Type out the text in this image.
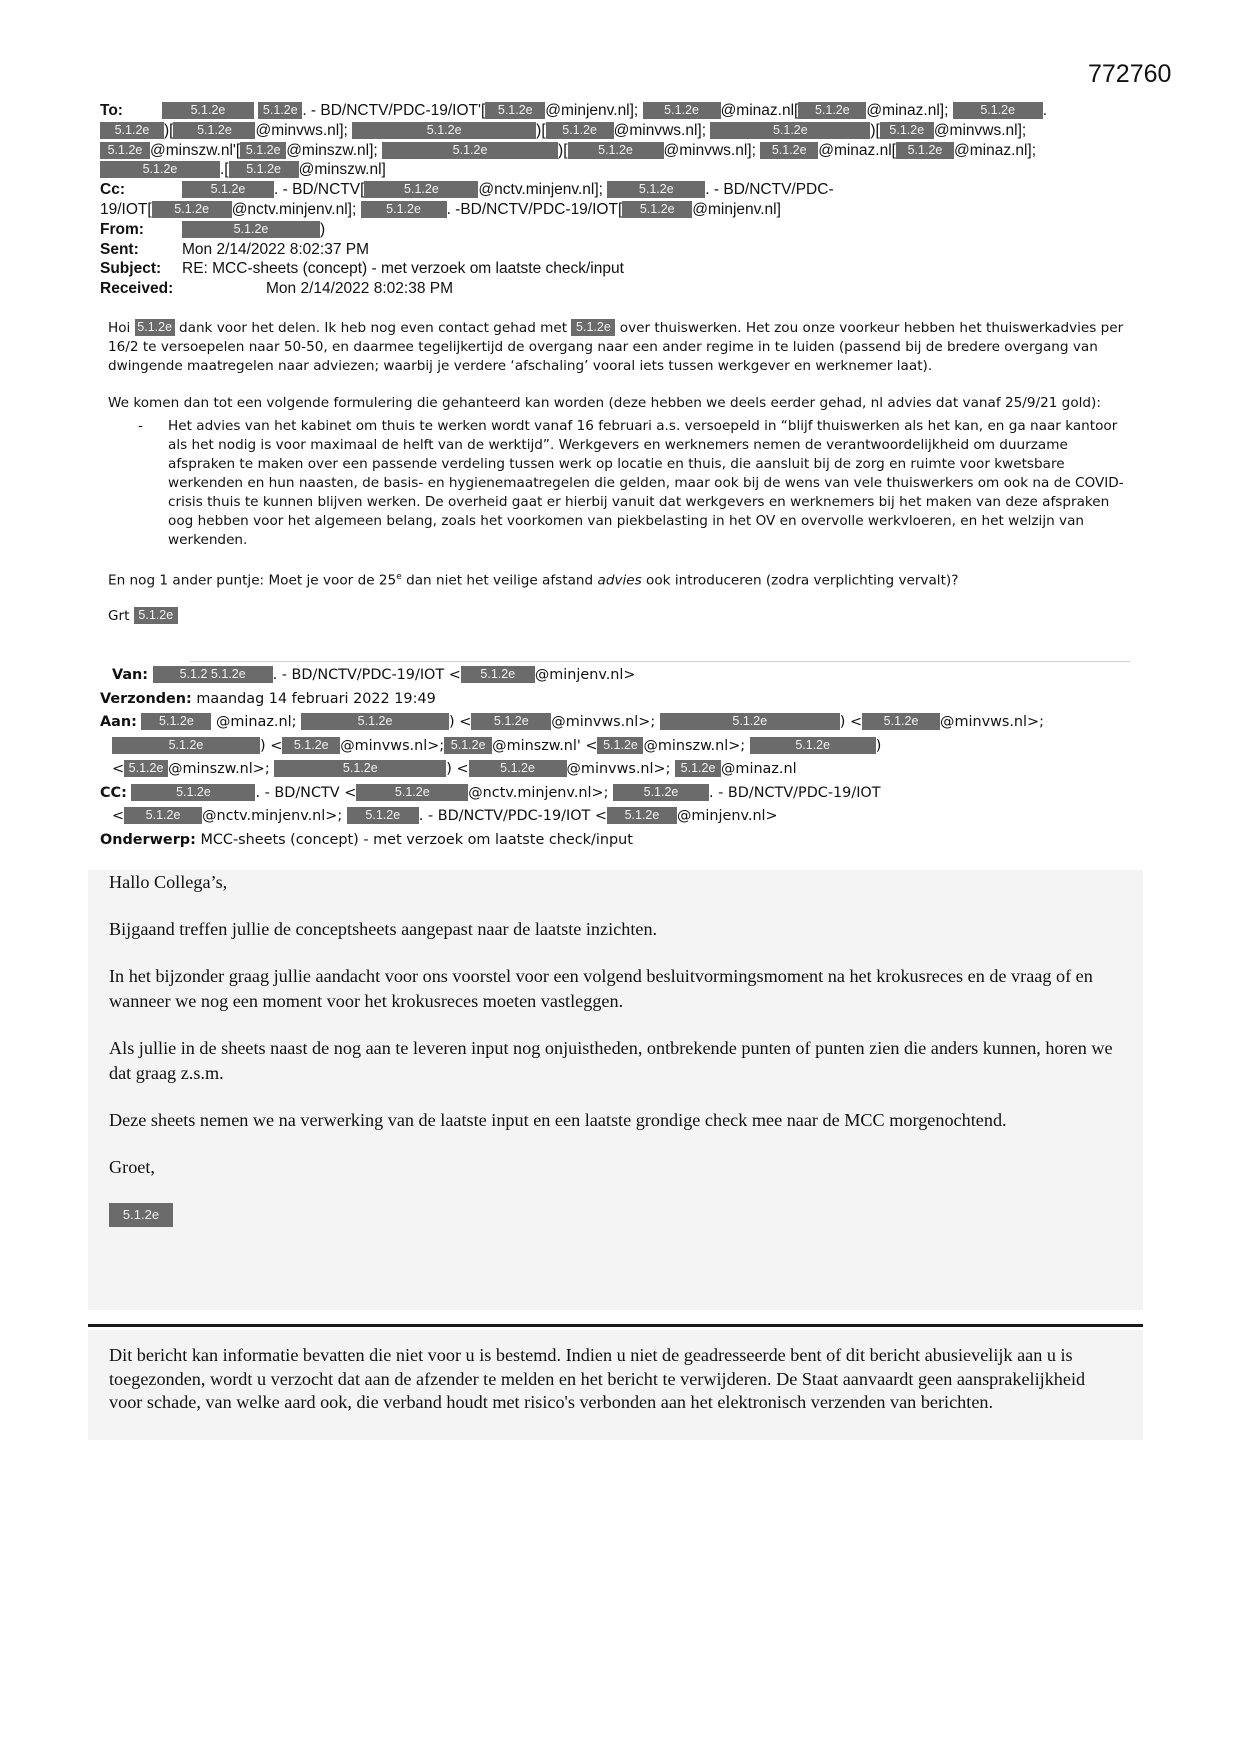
772760
To:	5.1.2e	5.1.2e . - BD/NCTV/PDC-19/IOT'[ 5.1.2e @minjenv.nl]; 5.1.2e @minaz.nl[ 5.1.2e @minaz.nl];	5.1.2e .
5.1.2e )[ 5.1.2e @minvws.nl];	5.1.2e	)[ 5.1.2e @minvws.nl];	5.1.2e	)[ 5.1.2e @minvws.nl];
5.1.2e @minszw.nl'[ 5.1.2e @minszw.nl];	5.1.2e	)[ 5.1.2e @minvws.nl]; 5.1.2e @minaz.nl[ 5.1.2e @minaz.nl];
5.1.2e	.[ 5.1.2e @minszw.nl]
Cc:	5.1.2e . - BD/NCTV[	5.1.2e	@nctv.minjenv.nl];	5.1.2e . - BD/NCTV/PDC-
19/IOT[ 5.1.2e @nctv.minjenv.nl]; 5.1.2e . -BD/NCTV/PDC-19/IOT[ 5.1.2e @minjenv.nl]
From:	5.1.2e	)
Sent:	Mon 2/14/2022 8:02:37 PM
Subject: RE: MCC-sheets (concept) - met verzoek om laatste check/input
Received:	Mon 2/14/2022 8:02:38 PM

Hoi 5.1.2e dank voor het delen. Ik heb nog even contact gehad met 5.1.2e over thuiswerken. Het zou onze voorkeur hebben het thuiswerkadvies per 16/2 te versoepelen naar 50-50, en daarmee tegelijkertijd de overgang naar een ander regime in te luiden (passend bij de bredere overgang van dwingende maatregelen naar adviezen; waarbij je verdere ‘afschaling’ vooral iets tussen werkgever en werknemer laat).

We komen dan tot een volgende formulering die gehanteerd kan worden (deze hebben we deels eerder gehad, nl advies dat vanaf 25/9/21 gold):

- Het advies van het kabinet om thuis te werken wordt vanaf 16 februari a.s. versoepeld in “blijf thuiswerken als het kan, en ga naar kantoor als het nodig is voor maximaal de helft van de werktijd”. Werkgevers en werknemers nemen de verantwoordelijkheid om duurzame afspraken te maken over een passende verdeling tussen werk op locatie en thuis, die aansluit bij de zorg en ruimte voor kwetsbare werkenden en hun naasten, de basis- en hygienemaatregelen die gelden, maar ook bij de wens van vele thuiswerkers om ook na de COVID-crisis thuis te kunnen blijven werken. De overheid gaat er hierbij vanuit dat werkgevers en werknemers bij het maken van deze afspraken oog hebben voor het algemeen belang, zoals het voorkomen van piekbelasting in het OV en overvolle werkvloeren, en het welzijn van werkenden.

En nog 1 ander puntje: Moet je voor de 25e dan niet het veilige afstand advies ook introduceren (zodra verplichting vervalt)?

Grt 5.1.2e

Van:	5.1.2 5.1.2e . - BD/NCTV/PDC-19/IOT < 5.1.2e @minjenv.nl>
Verzonden: maandag 14 februari 2022 19:49
Aan: 5.1.2e @minaz.nl;	5.1.2e	) < 5.1.2e @minvws.nl>;	5.1.2e	) < 5.1.2e @minvws.nl>;
5.1.2e	) < 5.1.2e @minvws.nl>; 5.1.2e @minszw.nl' < 5.1.2e @minszw.nl>;	5.1.2e	)
< 5.1.2e @minszw.nl>;	5.1.2e	) <	5.1.2e @minvws.nl>; 5.1.2e @minaz.nl
CC:	5.1.2e	. - BD/NCTV <	5.1.2e	@nctv.minjenv.nl>;	5.1.2e . - BD/NCTV/PDC-19/IOT
< 5.1.2e @nctv.minjenv.nl>; 5.1.2e . - BD/NCTV/PDC-19/IOT < 5.1.2e @minjenv.nl>
Onderwerp: MCC-sheets (concept) - met verzoek om laatste check/input

Hallo Collega’s,

Bijgaand treffen jullie de conceptsheets aangepast naar de laatste inzichten.

In het bijzonder graag jullie aandacht voor ons voorstel voor een volgend besluitvormingsmoment na het krokusreces en de vraag of en wanneer we nog een moment voor het krokusreces moeten vastleggen.

Als jullie in de sheets naast de nog aan te leveren input nog onjuistheden, ontbrekende punten of punten zien die anders kunnen, horen we dat graag z.s.m.

Deze sheets nemen we na verwerking van de laatste input en een laatste grondige check mee naar de MCC morgenochtend.

Groet,

5.1.2e
Dit bericht kan informatie bevatten die niet voor u is bestemd. Indien u niet de geadresseerde bent of dit bericht abusievelijk aan u is toegezonden, wordt u verzocht dat aan de afzender te melden en het bericht te verwijderen. De Staat aanvaardt geen aansprakelijkheid voor schade, van welke aard ook, die verband houdt met risico's verbonden aan het elektronisch verzenden van berichten.
